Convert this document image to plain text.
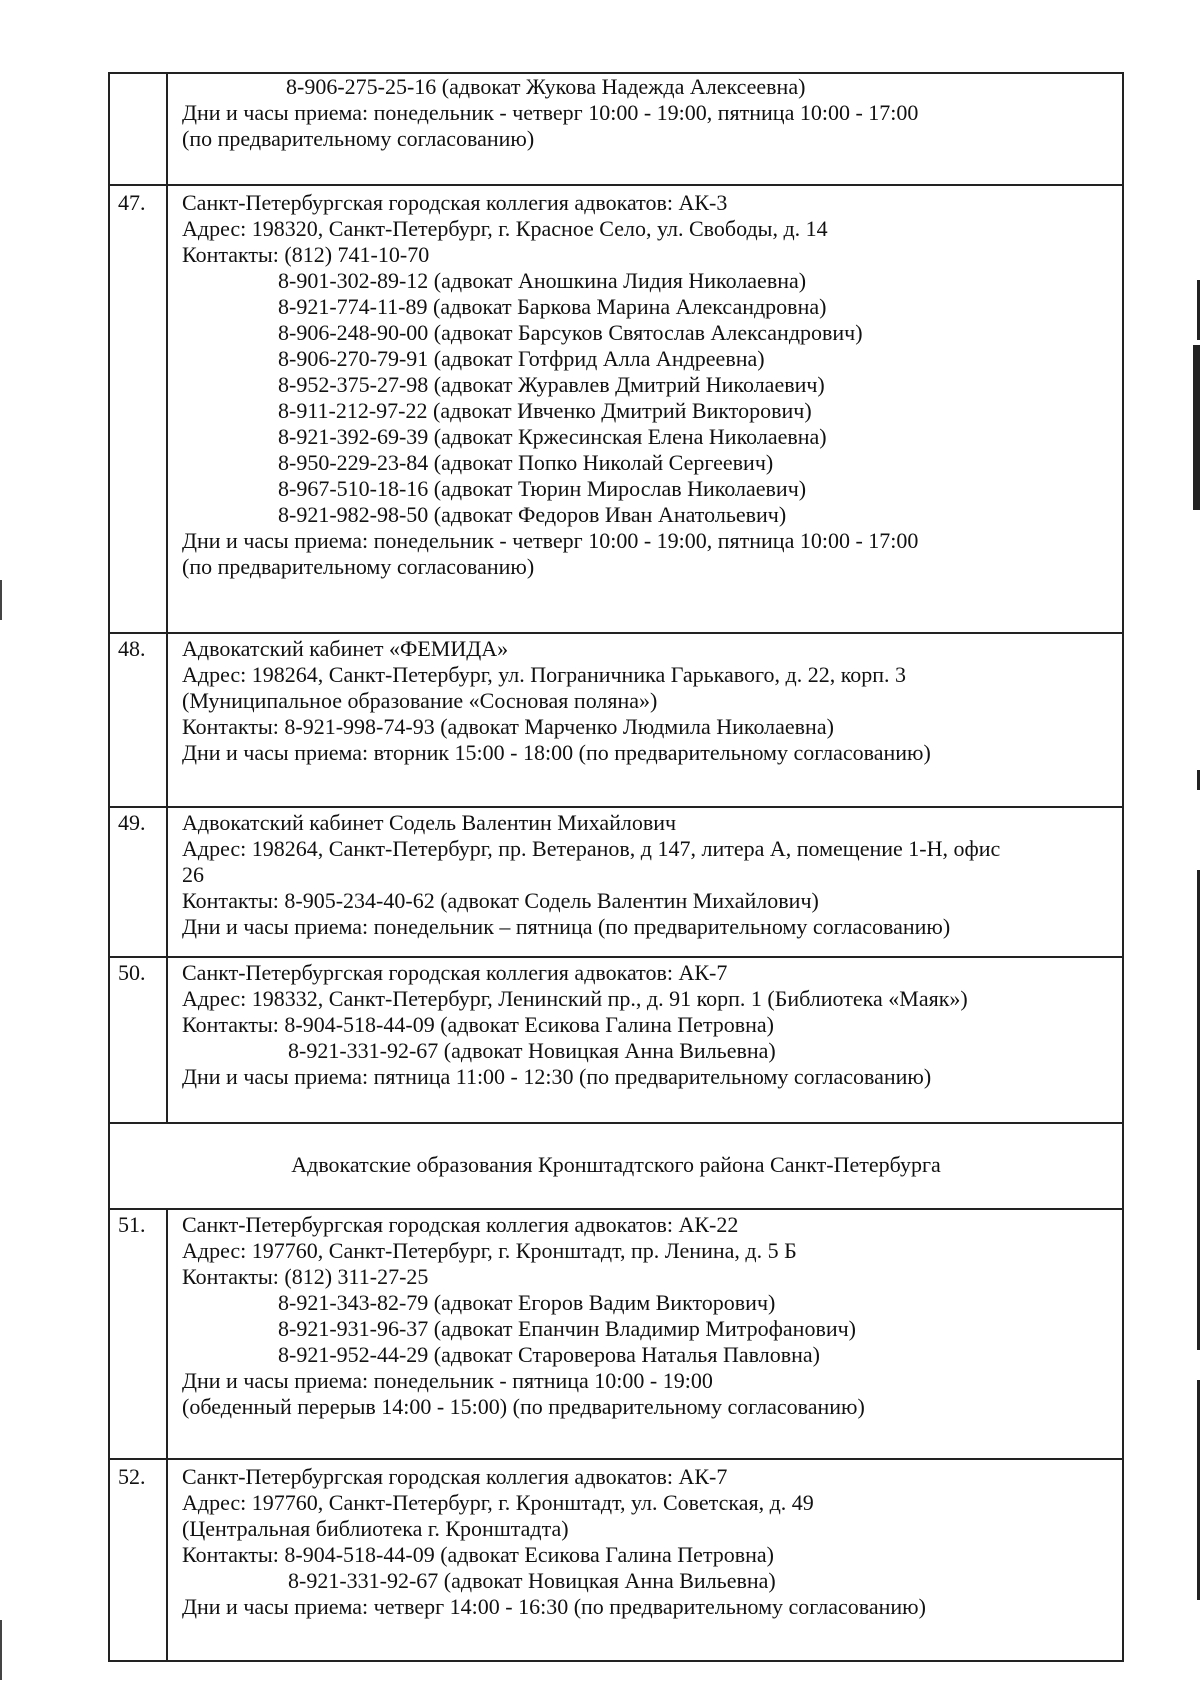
8-906-275-25-16 (адвокат Жукова Надежда Алексеевна)
Дни и часы приема: понедельник - четверг 10:00 - 19:00, пятница 10:00 - 17:00
(по предварительному согласованию)
47. Санкт-Петербургская городская коллегия адвокатов: АК-3
Адрес: 198320, Санкт-Петербург, г. Красное Село, ул. Свободы, д. 14
Контакты: (812) 741-10-70
8-901-302-89-12 (адвокат Аношкина Лидия Николаевна)
8-921-774-11-89 (адвокат Баркова Марина Александровна)
8-906-248-90-00 (адвокат Барсуков Святослав Александрович)
8-906-270-79-91 (адвокат Готфрид Алла Андреевна)
8-952-375-27-98 (адвокат Журавлев Дмитрий Николаевич)
8-911-212-97-22 (адвокат Ивченко Дмитрий Викторович)
8-921-392-69-39 (адвокат Кржесинская Елена Николаевна)
8-950-229-23-84 (адвокат Попко Николай Сергеевич)
8-967-510-18-16 (адвокат Тюрин Мирослав Николаевич)
8-921-982-98-50 (адвокат Федоров Иван Анатольевич)
Дни и часы приема: понедельник - четверг 10:00 - 19:00, пятница 10:00 - 17:00
(по предварительному согласованию)
48. Адвокатский кабинет «ФЕМИДА»
Адрес: 198264, Санкт-Петербург, ул. Пограничника Гарькавого, д. 22, корп. 3
(Муниципальное образование «Сосновая поляна»)
Контакты: 8-921-998-74-93 (адвокат Марченко Людмила Николаевна)
Дни и часы приема: вторник 15:00 - 18:00 (по предварительному согласованию)
49. Адвокатский кабинет Содель Валентин Михайлович
Адрес: 198264, Санкт-Петербург, пр. Ветеранов, д 147, литера А, помещение 1-Н, офис
26
Контакты: 8-905-234-40-62 (адвокат Содель Валентин Михайлович)
Дни и часы приема: понедельник – пятница (по предварительному согласованию)
50. Санкт-Петербургская городская коллегия адвокатов: АК-7
Адрес: 198332, Санкт-Петербург, Ленинский пр., д. 91 корп. 1 (Библиотека «Маяк»)
Контакты: 8-904-518-44-09 (адвокат Есикова Галина Петровна)
8-921-331-92-67 (адвокат Новицкая Анна Вильевна)
Дни и часы приема: пятница 11:00 - 12:30 (по предварительному согласованию)
Адвокатские образования Кронштадтского района Санкт-Петербурга
51. Санкт-Петербургская городская коллегия адвокатов: АК-22
Адрес: 197760, Санкт-Петербург, г. Кронштадт, пр. Ленина, д. 5 Б
Контакты: (812) 311-27-25
8-921-343-82-79 (адвокат Егоров Вадим Викторович)
8-921-931-96-37 (адвокат Епанчин Владимир Митрофанович)
8-921-952-44-29 (адвокат Староверова Наталья Павловна)
Дни и часы приема: понедельник - пятница 10:00 - 19:00
(обеденный перерыв 14:00 - 15:00) (по предварительному согласованию)
52. Санкт-Петербургская городская коллегия адвокатов: АК-7
Адрес: 197760, Санкт-Петербург, г. Кронштадт, ул. Советская, д. 49
(Центральная библиотека г. Кронштадта)
Контакты: 8-904-518-44-09 (адвокат Есикова Галина Петровна)
8-921-331-92-67 (адвокат Новицкая Анна Вильевна)
Дни и часы приема: четверг 14:00 - 16:30 (по предварительному согласованию)
